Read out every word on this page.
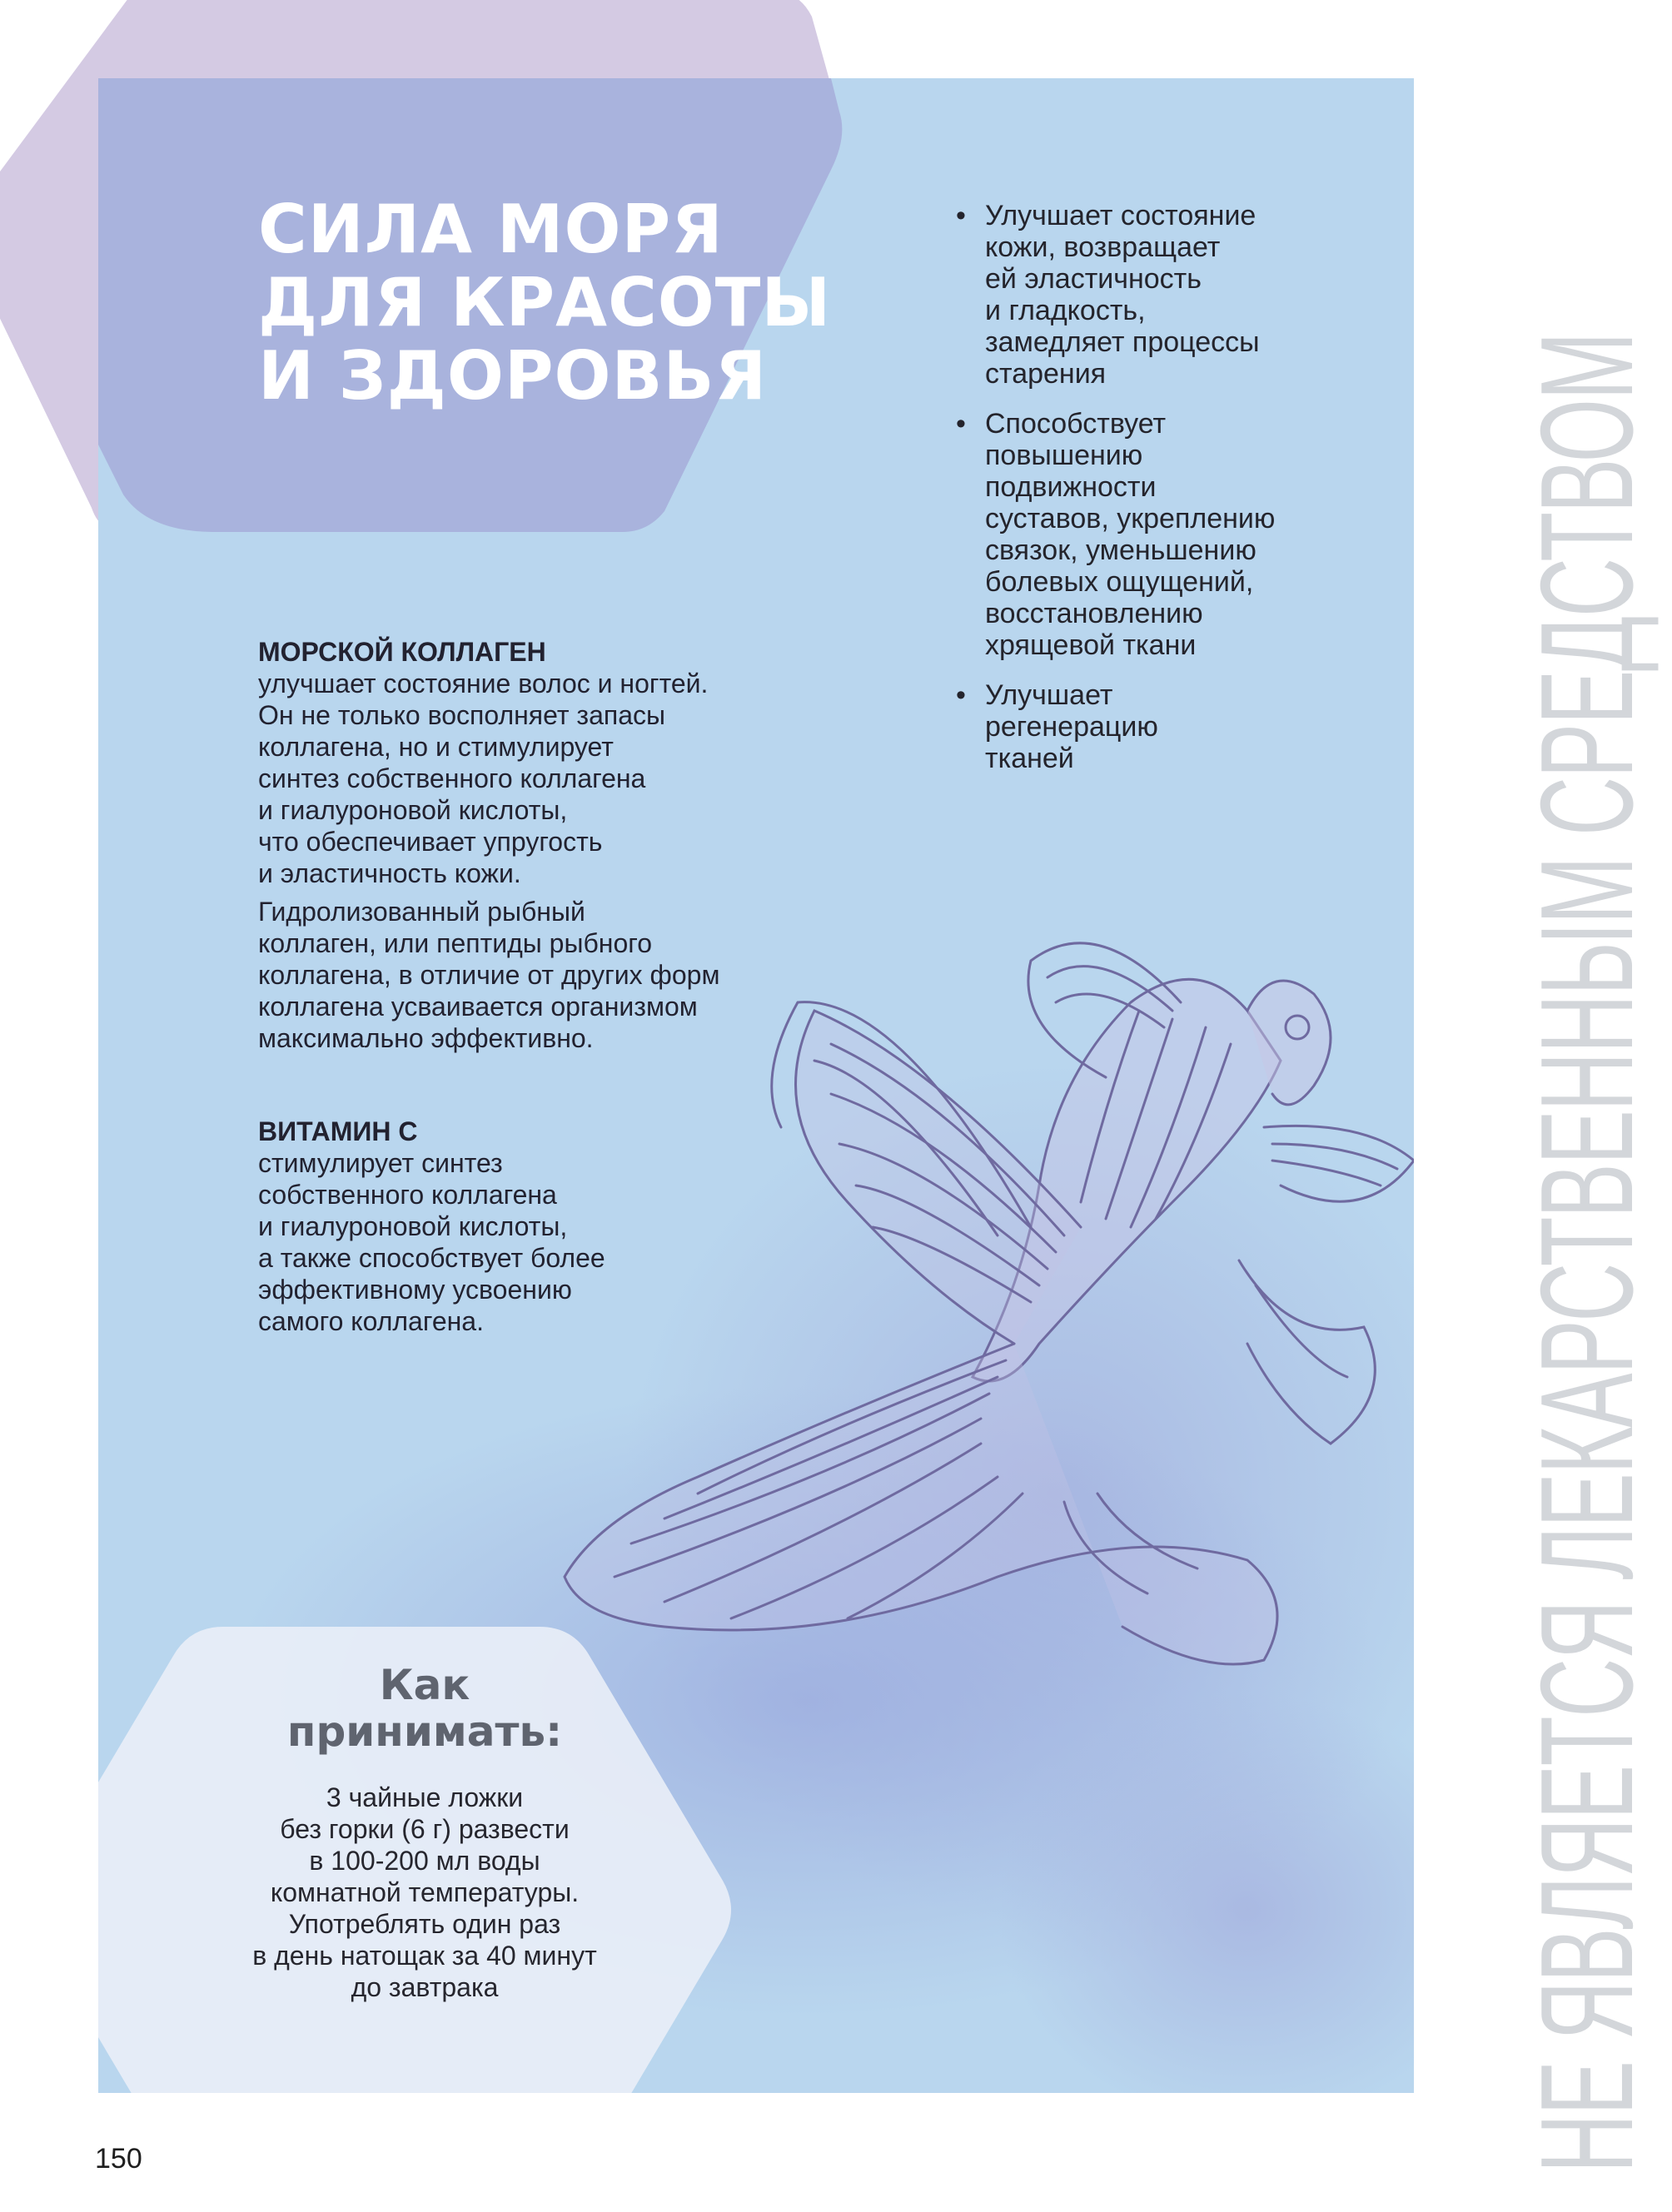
СИЛА МОРЯ
ДЛЯ КРАСОТЫ
И ЗДОРОВЬЯ
• Улучшает состояние
кожи, возвращает
ей эластичность
и гладкость,
замедляет процессы
старения
• Способствует
повышению
подвижности
суставов, укреплению
связок, уменьшению
болевых ощущений,
восстановлению
хрящевой ткани
• Улучшает
регенерацию
тканей

МОРСКОЙ КОЛЛАГЕН

улучшает состояние волос и ногтей.

Он не только восполняет запасы

коллагена, но и стимулирует

синтез собственного коллагена

и гиалуроновой кислоты,

что обеспечивает упругость

и эластичность кожи.

Гидролизованный рыбный

коллаген, или пептиды рыбного

коллагена, в отличие от других форм

коллагена усваивается организмом

максимально эффективно.

ВИТАМИН С

стимулирует синтез

собственного коллагена

и гиалуроновой кислоты,

а также способствует более

эффективному усвоению

самого коллагена.

Как
принимать:
3 чайные ложки
без горки (6 г) развести
в 100-200 мл воды
комнатной температуры.
Употреблять один раз
в день натощак за 40 минут
до завтрака
150	НЕ ЯВЛЯЕТСЯ ЛЕКАРСТВЕННЫМ СРЕДСТВОМ
